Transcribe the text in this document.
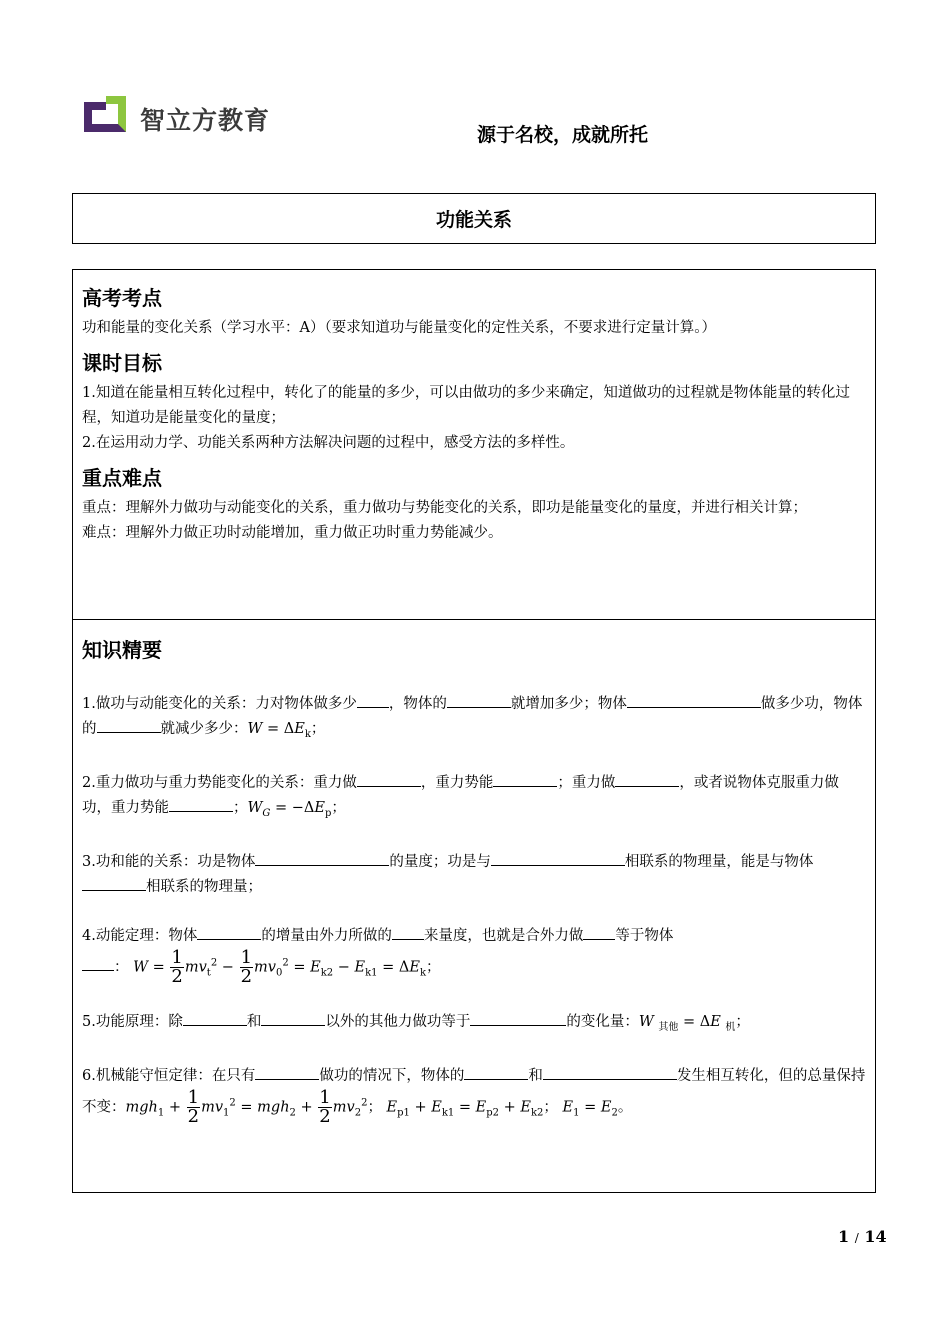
智立方教育	源于名校，成就所托
功能关系
高考考点
功和能量的变化关系（学习水平：A）（要求知道功与能量变化的定性关系，不要求进行定量计算。）
课时目标
1.知道在能量相互转化过程中，转化了的能量的多少，可以由做功的多少来确定，知道做功的过程就是物体能量的转化过程，知道功是能量变化的量度；
2.在运用动力学、功能关系两种方法解决问题的过程中，感受方法的多样性。
重点难点
重点：理解外力做功与动能变化的关系，重力做功与势能变化的关系，即功是能量变化的量度，并进行相关计算；
难点：理解外力做正功时动能增加，重力做正功时重力势能减少。
知识精要
1.做功与动能变化的关系：力对物体做多少 ，物体的	就增加多少；物体	做多少功，物体的	就减少多少：$W = \Delta E_k$；
2.重力做功与重力势能变化的关系：重力做	，重力势能	；重力做	，或者说物体克服重力做功，重力势能	；$W_G = -\Delta E_p$；
3.功和能的关系：功是物体	的量度；功是与	相联系的物理量，能是与物体相联系的物理量；
4.动能定理：物体	的增量由外力所做的 来量度，也就是合外力做 等于物体
： $W = \frac{1}{2} mv_t^2 - \frac{1}{2} mv_0^2 = E_{k2} - E_{k1} = \Delta E_k$；
5.功能原理：除	和	以外的其他力做功等于	的变化量：W $_{其他}$ = ΔE $_机$；
6.机械能守恒定律：在只有	做功的情况下，物体的	和	发生相互转化，但的总量保持不变：$mgh_1 + \frac{1}{2} mv_1^2 = mgh_2 + \frac{1}{2} mv_2^2$； $E_{p1} + E_{k1} = E_{p2} + E_{k2}$； $E_1 = E_2$。
1 / 14
